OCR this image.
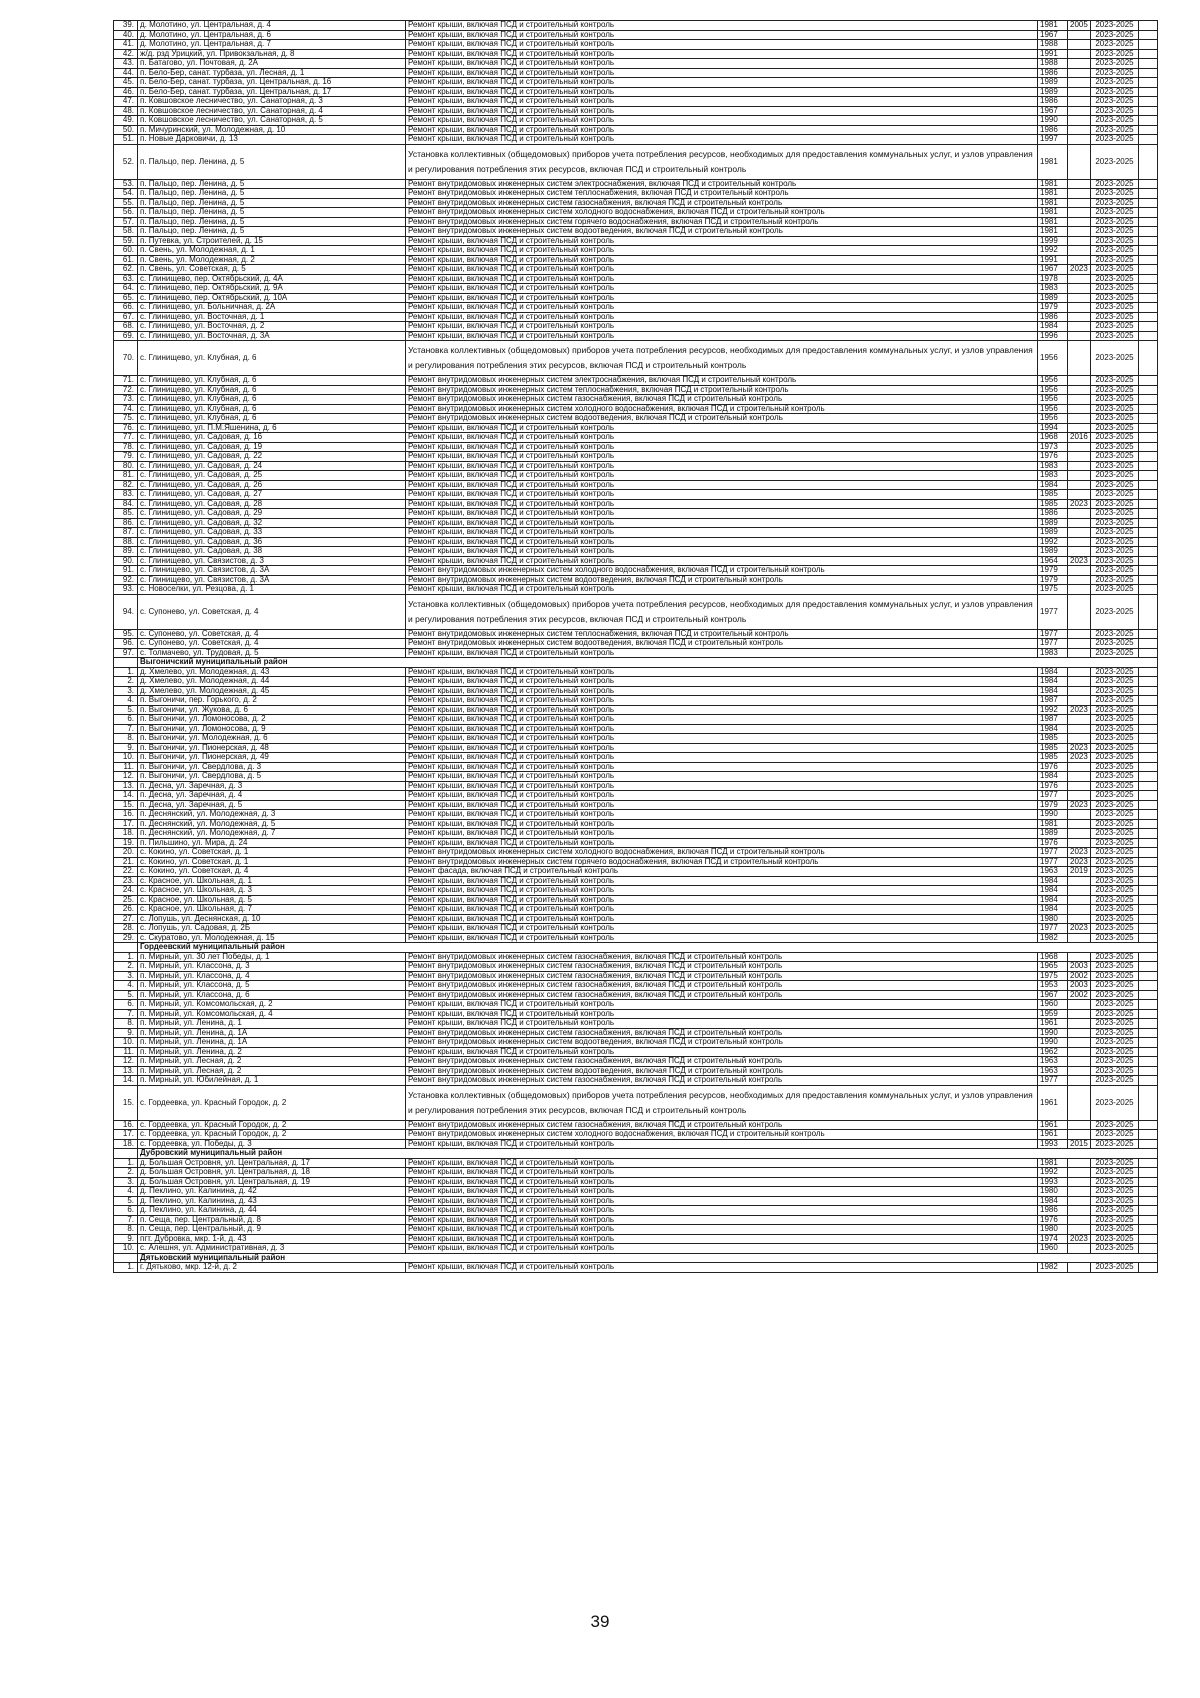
39.	д. Молотино, ул. Центральная, д. 4	Ремонт крыши, включая ПСД и строительный контроль	1981	2005	2023-2025	
40.	д. Молотино, ул. Центральная, д. 6	Ремонт крыши, включая ПСД и строительный контроль	1967		2023-2025	
41.	д. Молотино, ул. Центральная, д. 7	Ремонт крыши, включая ПСД и строительный контроль	1988		2023-2025	
42.	ж/д. рзд Урицкий, ул. Привокзальная, д. 8	Ремонт крыши, включая ПСД и строительный контроль	1991		2023-2025	
43.	п. Батагово, ул. Почтовая, д. 2А	Ремонт крыши, включая ПСД и строительный контроль	1988		2023-2025	
44.	п. Бело-Бер, санат. турбаза, ул. Лесная, д. 1	Ремонт крыши, включая ПСД и строительный контроль	1986		2023-2025	
45.	п. Бело-Бер, санат. турбаза, ул. Центральная, д. 16	Ремонт крыши, включая ПСД и строительный контроль	1989		2023-2025	
46.	п. Бело-Бер, санат. турбаза, ул. Центральная, д. 17	Ремонт крыши, включая ПСД и строительный контроль	1989		2023-2025	
47.	п. Ковшовское лесничество, ул. Санаторная, д. 3	Ремонт крыши, включая ПСД и строительный контроль	1986		2023-2025	
48.	п. Ковшовское лесничество, ул. Санаторная, д. 4	Ремонт крыши, включая ПСД и строительный контроль	1967		2023-2025	
49.	п. Ковшовское лесничество, ул. Санаторная, д. 5	Ремонт крыши, включая ПСД и строительный контроль	1990		2023-2025	
50.	п. Мичуринский, ул. Молодежная, д. 10	Ремонт крыши, включая ПСД и строительный контроль	1986		2023-2025	
51.	п. Новые Дарковичи, д. 13	Ремонт крыши, включая ПСД и строительный контроль	1997		2023-2025	
52.	п. Пальцо, пер. Ленина, д. 5	Установка коллективных (общедомовых) приборов учета потребления ресурсов, необходимых для предоставления коммунальных услуг, и узлов управления и регулирования потребления этих ресурсов, включая ПСД и строительный контроль	1981		2023-2025	
53.	п. Пальцо, пер. Ленина, д. 5	Ремонт внутридомовых инженерных систем электроснабжения, включая ПСД и строительный контроль	1981		2023-2025	
54.	п. Пальцо, пер. Ленина, д. 5	Ремонт внутридомовых инженерных систем теплоснабжения, включая ПСД и строительный контроль	1981		2023-2025	
55.	п. Пальцо, пер. Ленина, д. 5	Ремонт внутридомовых инженерных систем газоснабжения, включая ПСД и строительный контроль	1981		2023-2025	
56.	п. Пальцо, пер. Ленина, д. 5	Ремонт внутридомовых инженерных систем холодного водоснабжения, включая ПСД и строительный контроль	1981		2023-2025	
57.	п. Пальцо, пер. Ленина, д. 5	Ремонт внутридомовых инженерных систем горячего водоснабжения, включая ПСД и строительный контроль	1981		2023-2025	
58.	п. Пальцо, пер. Ленина, д. 5	Ремонт внутридомовых инженерных систем водоотведения, включая ПСД и строительный контроль	1981		2023-2025	
59.	п. Путевка, ул. Строителей, д. 15	Ремонт крыши, включая ПСД и строительный контроль	1999		2023-2025	
60.	п. Свень, ул. Молодежная, д. 1	Ремонт крыши, включая ПСД и строительный контроль	1992		2023-2025	
61.	п. Свень, ул. Молодежная, д. 2	Ремонт крыши, включая ПСД и строительный контроль	1991		2023-2025	
62.	п. Свень, ул. Советская, д. 5	Ремонт крыши, включая ПСД и строительный контроль	1967	2023	2023-2025	
63.	с. Глинищево, пер. Октябрьский, д. 4А	Ремонт крыши, включая ПСД и строительный контроль	1978		2023-2025	
64.	с. Глинищево, пер. Октябрьский, д. 9А	Ремонт крыши, включая ПСД и строительный контроль	1983		2023-2025	
65.	с. Глинищево, пер. Октябрьский, д. 10А	Ремонт крыши, включая ПСД и строительный контроль	1989		2023-2025	
66.	с. Глинищево, ул. Больничная, д. 2А	Ремонт крыши, включая ПСД и строительный контроль	1979		2023-2025	
67.	с. Глинищево, ул. Восточная, д. 1	Ремонт крыши, включая ПСД и строительный контроль	1986		2023-2025	
68.	с. Глинищево, ул. Восточная, д. 2	Ремонт крыши, включая ПСД и строительный контроль	1984		2023-2025	
69.	с. Глинищево, ул. Восточная, д. 3А	Ремонт крыши, включая ПСД и строительный контроль	1996		2023-2025	
70.	с. Глинищево, ул. Клубная, д. 6	Установка коллективных (общедомовых) приборов учета потребления ресурсов, необходимых для предоставления коммунальных услуг, и узлов управления и регулирования потребления этих ресурсов, включая ПСД и строительный контроль	1956		2023-2025	
71.	с. Глинищево, ул. Клубная, д. 6	Ремонт внутридомовых инженерных систем электроснабжения, включая ПСД и строительный контроль	1956		2023-2025	
72.	с. Глинищево, ул. Клубная, д. 6	Ремонт внутридомовых инженерных систем теплоснабжения, включая ПСД и строительный контроль	1956		2023-2025	
73.	с. Глинищево, ул. Клубная, д. 6	Ремонт внутридомовых инженерных систем газоснабжения, включая ПСД и строительный контроль	1956		2023-2025	
74.	с. Глинищево, ул. Клубная, д. 6	Ремонт внутридомовых инженерных систем холодного водоснабжения, включая ПСД и строительный контроль	1956		2023-2025	
75.	с. Глинищево, ул. Клубная, д. 6	Ремонт внутридомовых инженерных систем водоотведения, включая ПСД и строительный контроль	1956		2023-2025	
76.	с. Глинищево, ул. П.М.Яшенина, д. 6	Ремонт крыши, включая ПСД и строительный контроль	1994		2023-2025	
77.	с. Глинищево, ул. Садовая, д. 16	Ремонт крыши, включая ПСД и строительный контроль	1968	2016	2023-2025	
78.	с. Глинищево, ул. Садовая, д. 19	Ремонт крыши, включая ПСД и строительный контроль	1973		2023-2025	
79.	с. Глинищево, ул. Садовая, д. 22	Ремонт крыши, включая ПСД и строительный контроль	1976		2023-2025	
80.	с. Глинищево, ул. Садовая, д. 24	Ремонт крыши, включая ПСД и строительный контроль	1983		2023-2025	
81.	с. Глинищево, ул. Садовая, д. 25	Ремонт крыши, включая ПСД и строительный контроль	1983		2023-2025	
82.	с. Глинищево, ул. Садовая, д. 26	Ремонт крыши, включая ПСД и строительный контроль	1984		2023-2025	
83.	с. Глинищево, ул. Садовая, д. 27	Ремонт крыши, включая ПСД и строительный контроль	1985		2023-2025	
84.	с. Глинищево, ул. Садовая, д. 28	Ремонт крыши, включая ПСД и строительный контроль	1985	2023	2023-2025	
85.	с. Глинищево, ул. Садовая, д. 29	Ремонт крыши, включая ПСД и строительный контроль	1986		2023-2025	
86.	с. Глинищево, ул. Садовая, д. 32	Ремонт крыши, включая ПСД и строительный контроль	1989		2023-2025	
87.	с. Глинищево, ул. Садовая, д. 33	Ремонт крыши, включая ПСД и строительный контроль	1989		2023-2025	
88.	с. Глинищево, ул. Садовая, д. 36	Ремонт крыши, включая ПСД и строительный контроль	1992		2023-2025	
89.	с. Глинищево, ул. Садовая, д. 38	Ремонт крыши, включая ПСД и строительный контроль	1989		2023-2025	
90.	с. Глинищево, ул. Связистов, д. 3	Ремонт крыши, включая ПСД и строительный контроль	1964	2023	2023-2025	
91.	с. Глинищево, ул. Связистов, д. 3А	Ремонт внутридомовых инженерных систем холодного водоснабжения, включая ПСД и строительный контроль	1979		2023-2025	
92.	с. Глинищево, ул. Связистов, д. 3А	Ремонт внутридомовых инженерных систем водоотведения, включая ПСД и строительный контроль	1979		2023-2025	
93.	с. Новоселки, ул. Резцова, д. 1	Ремонт крыши, включая ПСД и строительный контроль	1975		2023-2025	
94.	с. Супонево, ул. Советская, д. 4	Установка коллективных (общедомовых) приборов учета потребления ресурсов, необходимых для предоставления коммунальных услуг, и узлов управления и регулирования потребления этих ресурсов, включая ПСД и строительный контроль	1977		2023-2025	
95.	с. Супонево, ул. Советская, д. 4	Ремонт внутридомовых инженерных систем теплоснабжения, включая ПСД и строительный контроль	1977		2023-2025	
96.	с. Супонево, ул. Советская, д. 4	Ремонт внутридомовых инженерных систем водоотведения, включая ПСД и строительный контроль	1977		2023-2025	
97.	с. Толмачево, ул. Трудовая, д. 5	Ремонт крыши, включая ПСД и строительный контроль	1983		2023-2025	
	Выгоничский муниципальный район					
1.	д. Хмелево, ул. Молодежная, д. 43	Ремонт крыши, включая ПСД и строительный контроль	1984		2023-2025	
2.	д. Хмелево, ул. Молодежная, д. 44	Ремонт крыши, включая ПСД и строительный контроль	1984		2023-2025	
3.	д. Хмелево, ул. Молодежная, д. 45	Ремонт крыши, включая ПСД и строительный контроль	1984		2023-2025	
4.	п. Выгоничи, пер. Горького, д. 2	Ремонт крыши, включая ПСД и строительный контроль	1987		2023-2025	
5.	п. Выгоничи, ул. Жукова, д. 6	Ремонт крыши, включая ПСД и строительный контроль	1992	2023	2023-2025	
6.	п. Выгоничи, ул. Ломоносова, д. 2	Ремонт крыши, включая ПСД и строительный контроль	1987		2023-2025	
7.	п. Выгоничи, ул. Ломоносова, д. 9	Ремонт крыши, включая ПСД и строительный контроль	1984		2023-2025	
8.	п. Выгоничи, ул. Молодежная, д. 6	Ремонт крыши, включая ПСД и строительный контроль	1985		2023-2025	
9.	п. Выгоничи, ул. Пионерская, д. 48	Ремонт крыши, включая ПСД и строительный контроль	1985	2023	2023-2025	
10.	п. Выгоничи, ул. Пионерская, д. 49	Ремонт крыши, включая ПСД и строительный контроль	1985	2023	2023-2025	
11.	п. Выгоничи, ул. Свердлова, д. 3	Ремонт крыши, включая ПСД и строительный контроль	1976		2023-2025	
12.	п. Выгоничи, ул. Свердлова, д. 5	Ремонт крыши, включая ПСД и строительный контроль	1984		2023-2025	
13.	п. Десна, ул. Заречная, д. 3	Ремонт крыши, включая ПСД и строительный контроль	1976		2023-2025	
14.	п. Десна, ул. Заречная, д. 4	Ремонт крыши, включая ПСД и строительный контроль	1977		2023-2025	
15.	п. Десна, ул. Заречная, д. 5	Ремонт крыши, включая ПСД и строительный контроль	1979	2023	2023-2025	
16.	п. Деснянский, ул. Молодежная, д. 3	Ремонт крыши, включая ПСД и строительный контроль	1990		2023-2025	
17.	п. Деснянский, ул. Молодежная, д. 5	Ремонт крыши, включая ПСД и строительный контроль	1981		2023-2025	
18.	п. Деснянский, ул. Молодежная, д. 7	Ремонт крыши, включая ПСД и строительный контроль	1989		2023-2025	
19.	п. Пильшино, ул. Мира, д. 24	Ремонт крыши, включая ПСД и строительный контроль	1976		2023-2025	
20.	с. Кокино, ул. Советская, д. 1	Ремонт внутридомовых инженерных систем холодного водоснабжения, включая ПСД и строительный контроль	1977	2023	2023-2025	
21.	с. Кокино, ул. Советская, д. 1	Ремонт внутридомовых инженерных систем горячего водоснабжения, включая ПСД и строительный контроль	1977	2023	2023-2025	
22.	с. Кокино, ул. Советская, д. 4	Ремонт фасада, включая ПСД и строительный контроль	1963	2019	2023-2025	
23.	с. Красное, ул. Школьная, д. 1	Ремонт крыши, включая ПСД и строительный контроль	1984		2023-2025	
24.	с. Красное, ул. Школьная, д. 3	Ремонт крыши, включая ПСД и строительный контроль	1984		2023-2025	
25.	с. Красное, ул. Школьная, д. 5	Ремонт крыши, включая ПСД и строительный контроль	1984		2023-2025	
26.	с. Красное, ул. Школьная, д. 7	Ремонт крыши, включая ПСД и строительный контроль	1984		2023-2025	
27.	с. Лопушь, ул. Деснянская, д. 10	Ремонт крыши, включая ПСД и строительный контроль	1980		2023-2025	
28.	с. Лопушь, ул. Садовая, д. 2Б	Ремонт крыши, включая ПСД и строительный контроль	1977	2023	2023-2025	
29.	с. Скуратово, ул. Молодежная, д. 15	Ремонт крыши, включая ПСД и строительный контроль	1982		2023-2025	
	Гордеевский муниципальный район					
1.	п. Мирный, ул. 30 лет Победы, д. 1	Ремонт внутридомовых инженерных систем газоснабжения, включая ПСД и строительный контроль	1968		2023-2025	
2.	п. Мирный, ул. Классона, д. 3	Ремонт внутридомовых инженерных систем газоснабжения, включая ПСД и строительный контроль	1965	2003	2023-2025	
3.	п. Мирный, ул. Классона, д. 4	Ремонт внутридомовых инженерных систем газоснабжения, включая ПСД и строительный контроль	1975	2002	2023-2025	
4.	п. Мирный, ул. Классона, д. 5	Ремонт внутридомовых инженерных систем газоснабжения, включая ПСД и строительный контроль	1953	2003	2023-2025	
5.	п. Мирный, ул. Классона, д. 6	Ремонт внутридомовых инженерных систем газоснабжения, включая ПСД и строительный контроль	1967	2002	2023-2025	
6.	п. Мирный, ул. Комсомольская, д. 2	Ремонт крыши, включая ПСД и строительный контроль	1960		2023-2025	
7.	п. Мирный, ул. Комсомольская, д. 4	Ремонт крыши, включая ПСД и строительный контроль	1959		2023-2025	
8.	п. Мирный, ул. Ленина, д. 1	Ремонт крыши, включая ПСД и строительный контроль	1961		2023-2025	
9.	п. Мирный, ул. Ленина, д. 1А	Ремонт внутридомовых инженерных систем газоснабжения, включая ПСД и строительный контроль	1990		2023-2025	
10.	п. Мирный, ул. Ленина, д. 1А	Ремонт внутридомовых инженерных систем водоотведения, включая ПСД и строительный контроль	1990		2023-2025	
11.	п. Мирный, ул. Ленина, д. 2	Ремонт крыши, включая ПСД и строительный контроль	1962		2023-2025	
12.	п. Мирный, ул. Лесная, д. 2	Ремонт внутридомовых инженерных систем газоснабжения, включая ПСД и строительный контроль	1963		2023-2025	
13.	п. Мирный, ул. Лесная, д. 2	Ремонт внутридомовых инженерных систем водоотведения, включая ПСД и строительный контроль	1963		2023-2025	
14.	п. Мирный, ул. Юбилейная, д. 1	Ремонт внутридомовых инженерных систем газоснабжения, включая ПСД и строительный контроль	1977		2023-2025	
15.	с. Гордеевка, ул. Красный Городок, д. 2	Установка коллективных (общедомовых) приборов учета потребления ресурсов, необходимых для предоставления коммунальных услуг, и узлов управления и регулирования потребления этих ресурсов, включая ПСД и строительный контроль	1961		2023-2025	
16.	с. Гордеевка, ул. Красный Городок, д. 2	Ремонт внутридомовых инженерных систем газоснабжения, включая ПСД и строительный контроль	1961		2023-2025	
17.	с. Гордеевка, ул. Красный Городок, д. 2	Ремонт внутридомовых инженерных систем холодного водоснабжения, включая ПСД и строительный контроль	1961		2023-2025	
18.	с. Гордеевка, ул. Победы, д. 3	Ремонт крыши, включая ПСД и строительный контроль	1993	2015	2023-2025	
	Дубровский муниципальный район					
1.	д. Большая Островня, ул. Центральная, д. 17	Ремонт крыши, включая ПСД и строительный контроль	1981		2023-2025	
2.	д. Большая Островня, ул. Центральная, д. 18	Ремонт крыши, включая ПСД и строительный контроль	1992		2023-2025	
3.	д. Большая Островня, ул. Центральная, д. 19	Ремонт крыши, включая ПСД и строительный контроль	1993		2023-2025	
4.	д. Пеклино, ул. Калинина, д. 42	Ремонт крыши, включая ПСД и строительный контроль	1980		2023-2025	
5.	д. Пеклино, ул. Калинина, д. 43	Ремонт крыши, включая ПСД и строительный контроль	1984		2023-2025	
6.	д. Пеклино, ул. Калинина, д. 44	Ремонт крыши, включая ПСД и строительный контроль	1986		2023-2025	
7.	п. Сеща, пер. Центральный, д. 8	Ремонт крыши, включая ПСД и строительный контроль	1976		2023-2025	
8.	п. Сеща, пер. Центральный, д. 9	Ремонт крыши, включая ПСД и строительный контроль	1980		2023-2025	
9.	пгт. Дубровка, мкр. 1-й, д. 43	Ремонт крыши, включая ПСД и строительный контроль	1974	2023	2023-2025	
10.	с. Алешня, ул. Административная, д. 3	Ремонт крыши, включая ПСД и строительный контроль	1960		2023-2025	
	Дятьковский муниципальный район					
1.	г. Дятьково, мкр. 12-й, д. 2	Ремонт крыши, включая ПСД и строительный контроль	1982		2023-2025	
39
